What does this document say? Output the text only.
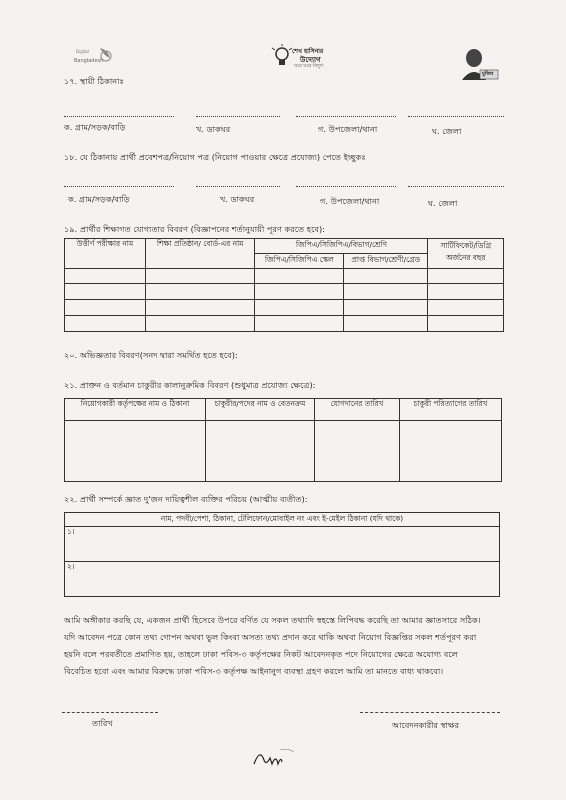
Digital
Bangladesh
শেখ হাসিনার
উদ্যোগ
ঘরে ঘরে বিদ্যুৎ
মুজিব
১৭. স্থায়ী ঠিকানাঃ
ক. গ্রাম/সড়ক/বাড়ি	খ. ডাকঘর	গ. উপজেলা/থানা	ঘ. জেলা
১৮. যে ঠিকানায় প্রার্থী প্রবেশপত্র/নিয়োগ পত্র (নিয়োগ পাওয়ার ক্ষেত্রে প্রযোজ্য) পেতে ইচ্ছুকঃ
ক. গ্রাম/সড়ক/বাড়ি	খ. ডাকঘর	গ. উপজেলা/থানা	ঘ. জেলা
১৯. প্রার্থীর শিক্ষাগত যোগ্যতার বিবরণ (বিজ্ঞাপনের শর্তানুযায়ী পূরণ করতে হবে):
উত্তীর্ণ পরীক্ষার নাম	শিক্ষা প্রতিষ্ঠান/ বোর্ড-এর নাম	জিপিএ/সিজিপিএ/বিভাগ/শ্রেণি		সার্টিফিকেট/ডিগ্রি অর্জনের বছর
		জিপিএ/সিজিপিএ স্কেল	প্রাপ্ত বিভাগ/শ্রেণী/গ্রেড	

২০. অভিজ্ঞতার বিবরণ(সনদ দ্বারা সমর্থিত হতে হবে):
২১. প্রাক্তন ও বর্তমান চাকুরীর কালানুক্রমিক বিবরণ (শুধুমাত্র প্রযোজ্য ক্ষেত্রে):
নিয়োগকারী কর্তৃপক্ষের নাম ও ঠিকানা	চাকুরীর/পদের নাম ও বেতনক্রম	যোগদানের তারিখ	চাকুরী পরিত্যাগের তারিখ

২২. প্রার্থী সম্পর্কে জ্ঞাত দু'জন দায়িত্বশীল ব্যক্তির পরিচয় (আত্মীয় ব্যতীত):
নাম, পদবী/পেশা, ঠিকানা, টেলিফোন/মোবাইল নং এবং ই-মেইল ঠিকানা (যদি থাকে)
১।
২।
আমি অঙ্গীকার করছি যে, একজন প্রার্থী হিসেবে উপরে বর্ণিত যে সকল তথ্যাদি স্বহস্তে লিপিবদ্ধ করেছি তা আমার জ্ঞাতসারে সঠিক।
যদি আবেদন পত্রে কোন তথ্য গোপন অথবা ভুল কিংবা অসত্য তথ্য প্রদান করে থাকি অথবা নিয়োগ বিজ্ঞপ্তির সকল শর্তপূরণ করা
হয়নি বলে পরবর্তীতে প্রমাণিত হয়, তাহলে ঢাকা পবিস-৩ কর্তৃপক্ষের নিকট আবেদনকৃত পদে নিয়োগের ক্ষেত্রে অযোগ্য বলে
বিবেচিত হবো এবং আমার বিরুদ্ধে ঢাকা পবিস-৩ কর্তৃপক্ষ আইনানুগ ব্যবস্থা গ্রহণ করলে আমি তা মানতে বাধ্য থাকবো।
তারিখ	আবেদনকারীর স্বাক্ষর
